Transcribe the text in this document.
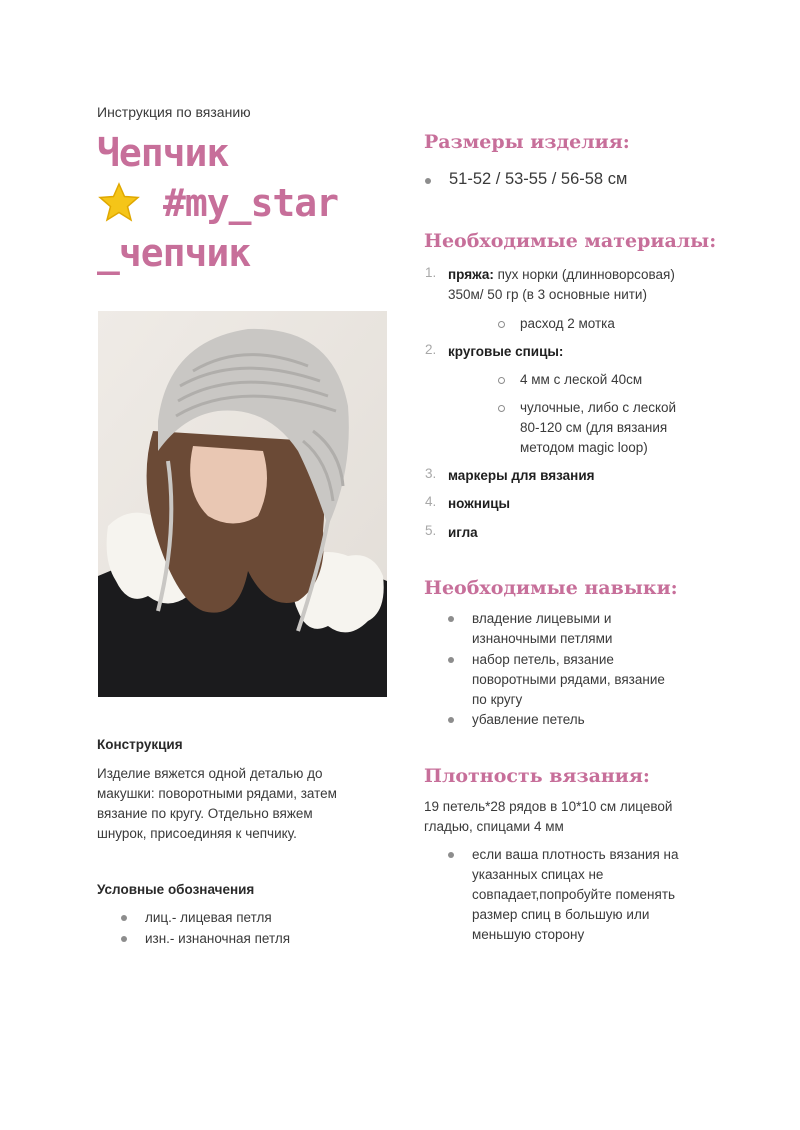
Инструкция по вязанию
Чепчик
#my_star
_чепчик
Конструкция
Изделие вяжется одной деталью до
макушки: поворотными рядами, затем
вязание по кругу. Отдельно вяжем
шнурок, присоединяя к чепчику.
Условные обозначения
лиц.- лицевая петля
изн.- изнаночная петля
Размеры изделия:
51-52 / 53-55 / 56-58 см
Необходимые материалы:
1. пряжа: пух норки (длинноворсовая)
350м/ 50 гр (в 3 основные нити)
расход 2 мотка
2. круговые спицы:
4 мм с леской 40см
чулочные, либо с леской
80-120 см (для вязания
методом magic loop)
3. маркеры для вязания
4. ножницы
5. игла
Необходимые навыки:
владение лицевыми и
изнаночными петлями
набор петель, вязание
поворотными рядами, вязание
по кругу
убавление петель
Плотность вязания:
19 петель*28 рядов в 10*10 см лицевой
гладью, спицами 4 мм
если ваша плотность вязания на
указанных спицах не
совпадает,попробуйте поменять
размер спиц в большую или
меньшую сторону
